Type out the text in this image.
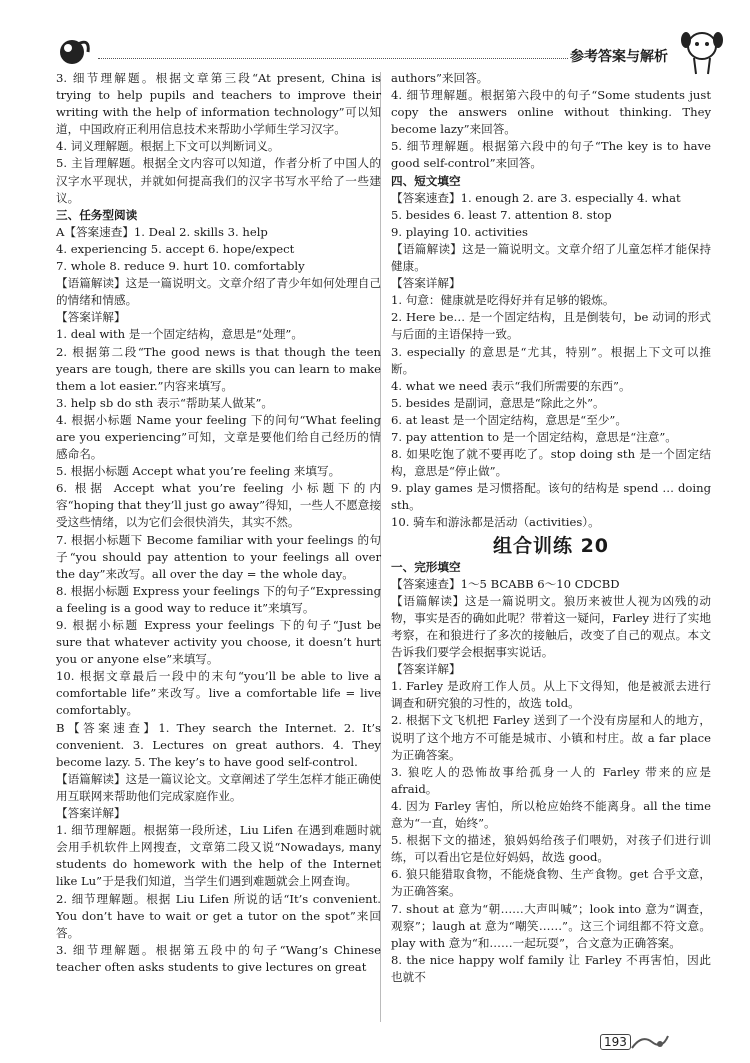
参考答案与解析

3. 细节理解题。根据文章第三段“At present, China is trying to help pupils and teachers to improve their writing with the help of information technology”可以知道，中国政府正利用信息技术来帮助小学师生学习汉字。

4. 词义理解题。根据上下文可以判断词义。

5. 主旨理解题。根据全文内容可以知道，作者分析了中国人的汉字水平现状，并就如何提高我们的汉字书写水平给了一些建议。

三、任务型阅读

A【答案速查】1. Deal 2. skills 3. help

4. experiencing 5. accept 6. hope/expect

7. whole 8. reduce 9. hurt 10. comfortably

【语篇解读】这是一篇说明文。文章介绍了青少年如何处理自己的情绪和情感。

【答案详解】

1. deal with 是一个固定结构，意思是“处理”。

2. 根据第二段“The good news is that though the teen years are tough, there are skills you can learn to make them a lot easier.”内容来填写。

3. help sb do sth 表示“帮助某人做某”。

4. 根据小标题 Name your feeling 下的问句“What feeling are you experiencing”可知，文章是要他们给自己经历的情感命名。

5. 根据小标题 Accept what you’re feeling 来填写。

6. 根据 Accept what you’re feeling 小标题下的内容“hoping that they’ll just go away”得知，一些人不愿意接受这些情绪，以为它们会很快消失，其实不然。

7. 根据小标题下 Become familiar with your feelings 的句子“you should pay attention to your feelings all over the day”来改写。all over the day = the whole day。

8. 根据小标题 Express your feelings 下的句子“Expressing a feeling is a good way to reduce it”来填写。

9. 根据小标题 Express your feelings 下的句子“Just be sure that whatever activity you choose, it doesn’t hurt you or anyone else”来填写。

10. 根据文章最后一段中的末句“you’ll be able to live a comfortable life”来改写。live a comfortable life = live comfortably。

B【答案速查】1. They search the Internet. 2. It’s convenient. 3. Lectures on great authors. 4. They become lazy. 5. The key’s to have good self-control.

【语篇解读】这是一篇议论文。文章阐述了学生怎样才能正确使用互联网来帮助他们完成家庭作业。

【答案详解】

1. 细节理解题。根据第一段所述，Liu Lifen 在遇到难题时就会用手机软件上网搜查，文章第二段又说“Nowadays, many students do homework with the help of the Internet like Lu”于是我们知道，当学生们遇到难题就会上网查询。

2. 细节理解题。根据 Liu Lifen 所说的话“It’s convenient. You don’t have to wait or get a tutor on the spot”来回答。

3. 细节理解题。根据第五段中的句子“Wang’s Chinese teacher often asks students to give lectures on great

authors”来回答。

4. 细节理解题。根据第六段中的句子“Some students just copy the answers online without thinking. They become lazy”来回答。

5. 细节理解题。根据第六段中的句子“The key is to have good self-control”来回答。

四、短文填空

【答案速查】1. enough 2. are 3. especially 4. what

5. besides 6. least 7. attention 8. stop

9. playing 10. activities

【语篇解读】这是一篇说明文。文章介绍了儿童怎样才能保持健康。

【答案详解】

1. 句意：健康就是吃得好并有足够的锻炼。

2. Here be… 是一个固定结构，且是倒装句，be 动词的形式与后面的主语保持一致。

3. especially 的意思是“尤其，特别”。根据上下文可以推断。

4. what we need 表示“我们所需要的东西”。

5. besides 是副词，意思是“除此之外”。

6. at least 是一个固定结构，意思是“至少”。

7. pay attention to 是一个固定结构，意思是“注意”。

8. 如果吃饱了就不要再吃了。stop doing sth 是一个固定结构，意思是“停止做”。

9. play games 是习惯搭配。该句的结构是 spend … doing sth。

10. 骑车和游泳都是活动（activities）。

组合训练 20

一、完形填空

【答案速查】1～5 BCABB 6～10 CDCBD

【语篇解读】这是一篇说明文。狼历来被世人视为凶残的动物，事实是否的确如此呢？带着这一疑问，Farley 进行了实地考察，在和狼进行了多次的接触后，改变了自己的观点。本文告诉我们要学会根据事实说话。

【答案详解】

1. Farley 是政府工作人员。从上下文得知，他是被派去进行调查和研究狼的习性的，故选 told。

2. 根据下文飞机把 Farley 送到了一个没有房屋和人的地方，说明了这个地方不可能是城市、小镇和村庄。故 a far place 为正确答案。

3. 狼吃人的恐怖故事给孤身一人的 Farley 带来的应是 afraid。

4. 因为 Farley 害怕，所以枪应始终不能离身。all the time 意为“一直，始终”。

5. 根据下文的描述，狼妈妈给孩子们喂奶，对孩子们进行训练，可以看出它是位好妈妈，故选 good。

6. 狼只能猎取食物，不能烧食物、生产食物。get 合乎文意，为正确答案。

7. shout at 意为“朝……大声叫喊”；look into 意为“调查，观察”；laugh at 意为“嘲笑……”。这三个词组都不符文意。play with 意为“和……一起玩耍”，合文意为正确答案。

8. the nice happy wolf family 让 Farley 不再害怕，因此也就不

193
